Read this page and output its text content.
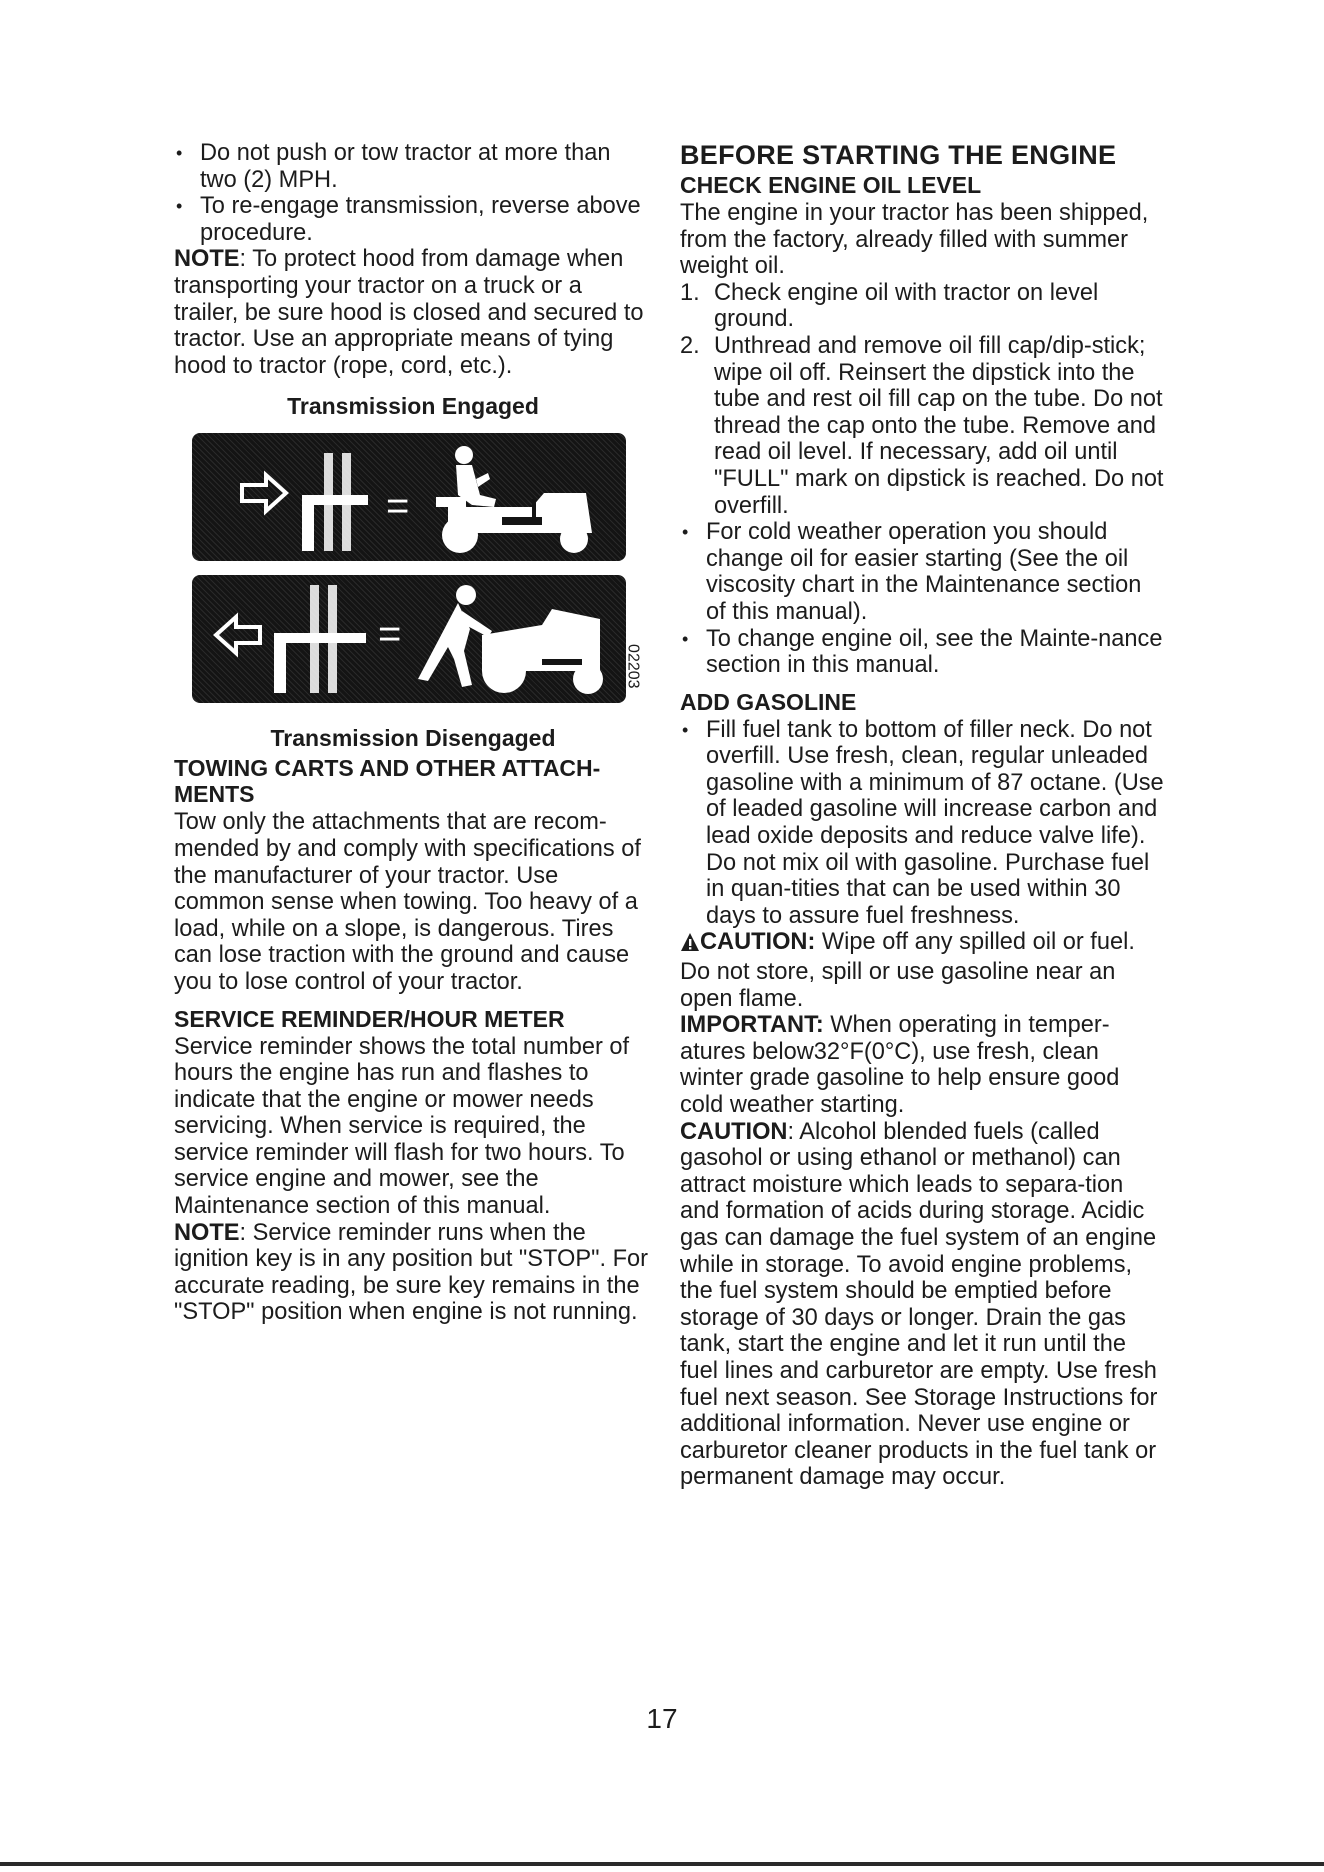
• Do not push or tow tractor at more than two (2) MPH.

• To re-engage transmission, reverse above procedure.

NOTE: To protect hood from damage when transporting your tractor on a truck or a trailer, be sure hood is closed and secured to tractor. Use an appropriate means of tying hood to tractor (rope, cord, etc.).

Transmission Engaged

=
=
02203

Transmission Disengaged

TOWING CARTS AND OTHER ATTACH-MENTS

Tow only the attachments that are recom-mended by and comply with specifications of the manufacturer of your tractor. Use common sense when towing. Too heavy of a load, while on a slope, is dangerous. Tires can lose traction with the ground and cause you to lose control of your tractor.

SERVICE REMINDER/HOUR METER

Service reminder shows the total number of hours the engine has run and flashes to indicate that the engine or mower needs servicing. When service is required, the service reminder will flash for two hours. To service engine and mower, see the Maintenance section of this manual.

NOTE: Service reminder runs when the ignition key is in any position but "STOP". For accurate reading, be sure key remains in the "STOP" position when engine is not running.

BEFORE STARTING THE ENGINE

CHECK ENGINE OIL LEVEL

The engine in your tractor has been shipped, from the factory, already filled with summer weight oil.

1. Check engine oil with tractor on level ground.

2. Unthread and remove oil fill cap/dip-stick; wipe oil off. Reinsert the dipstick into the tube and rest oil fill cap on the tube. Do not thread the cap onto the tube. Remove and read oil level. If necessary, add oil until "FULL" mark on dipstick is reached. Do not overfill.

• For cold weather operation you should change oil for easier starting (See the oil viscosity chart in the Maintenance section of this manual).

• To change engine oil, see the Mainte-nance section in this manual.

ADD GASOLINE

• Fill fuel tank to bottom of filler neck. Do not overfill. Use fresh, clean, regular unleaded gasoline with a minimum of 87 octane. (Use of leaded gasoline will increase carbon and lead oxide deposits and reduce valve life). Do not mix oil with gasoline. Purchase fuel in quan-tities that can be used within 30 days to assure fuel freshness.

CAUTION: Wipe off any spilled oil or fuel. Do not store, spill or use gasoline near an open flame.

IMPORTANT: When operating in temper-atures below32°F(0°C), use fresh, clean winter grade gasoline to help ensure good cold weather starting.

CAUTION: Alcohol blended fuels (called gasohol or using ethanol or methanol) can attract moisture which leads to separa-tion and formation of acids during storage. Acidic gas can damage the fuel system of an engine while in storage. To avoid engine problems, the fuel system should be emptied before storage of 30 days or longer. Drain the gas tank, start the engine and let it run until the fuel lines and carburetor are empty. Use fresh fuel next season. See Storage Instructions for additional information. Never use engine or carburetor cleaner products in the fuel tank or permanent damage may occur.

17
